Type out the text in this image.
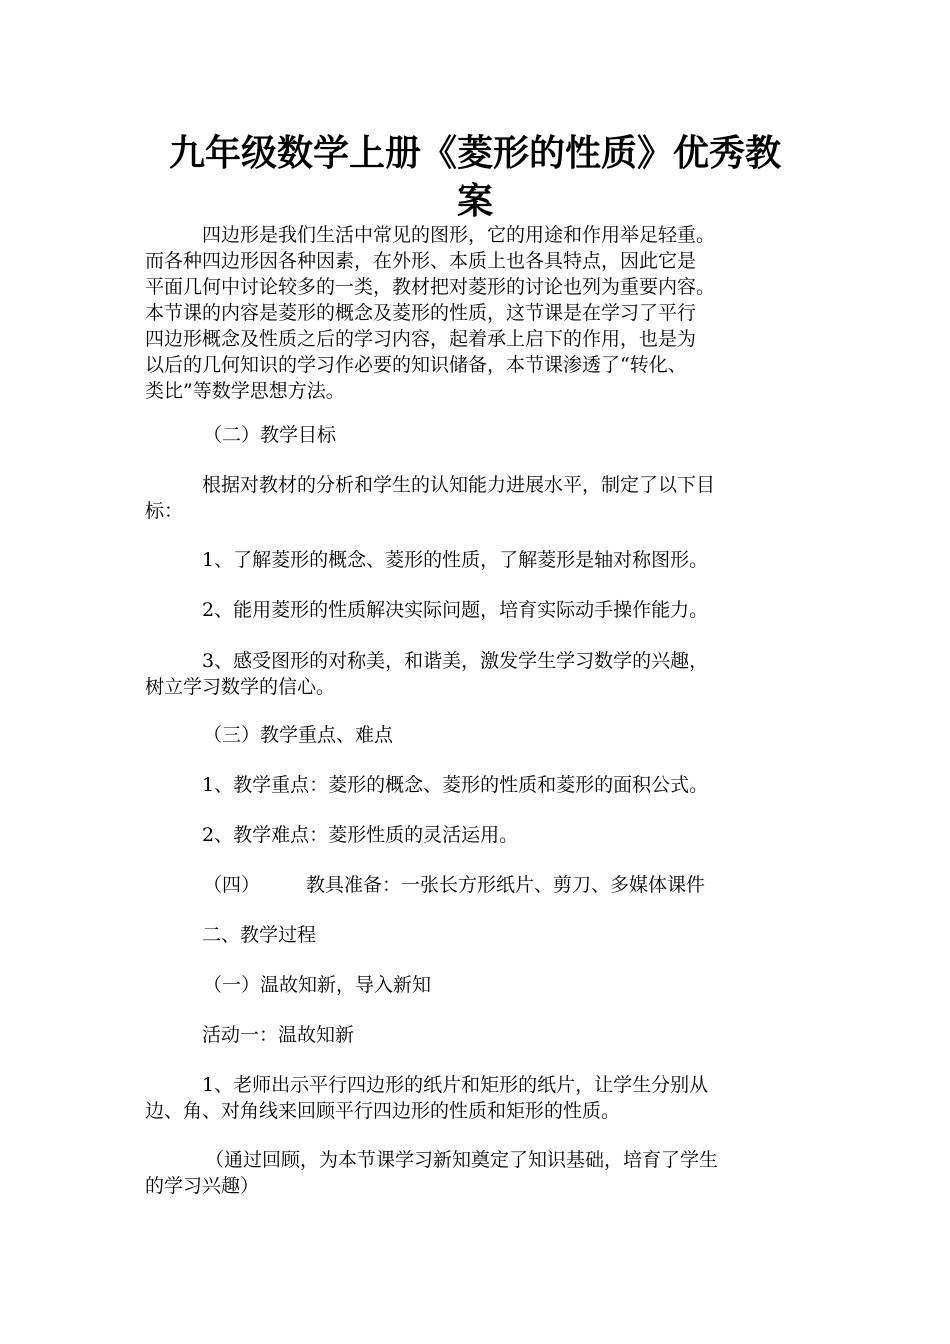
九年级数学上册《菱形的性质》优秀教
案

四边形是我们生活中常见的图形，它的用途和作用举足轻重。
而各种四边形因各种因素，在外形、本质上也各具特点，因此它是
平面几何中讨论较多的一类，教材把对菱形的讨论也列为重要内容。
本节课的内容是菱形的概念及菱形的性质，这节课是在学习了平行
四边形概念及性质之后的学习内容，起着承上启下的作用，也是为
以后的几何知识的学习作必要的知识储备，本节课渗透了“转化、
类比”等数学思想方法。

（二）教学目标

根据对教材的分析和学生的认知能力进展水平，制定了以下目
标：

1、了解菱形的概念、菱形的性质，了解菱形是轴对称图形。

2、能用菱形的性质解决实际问题，培育实际动手操作能力。

3、感受图形的对称美，和谐美，激发学生学习数学的兴趣，
树立学习数学的信心。

（三）教学重点、难点

1、教学重点：菱形的概念、菱形的性质和菱形的面积公式。

2、教学难点：菱形性质的灵活运用。

（四） 教具准备：一张长方形纸片、剪刀、多媒体课件

二、教学过程

（一）温故知新，导入新知

活动一：温故知新

1、老师出示平行四边形的纸片和矩形的纸片，让学生分别从
边、角、对角线来回顾平行四边形的性质和矩形的性质。

（通过回顾，为本节课学习新知奠定了知识基础，培育了学生
的学习兴趣）
